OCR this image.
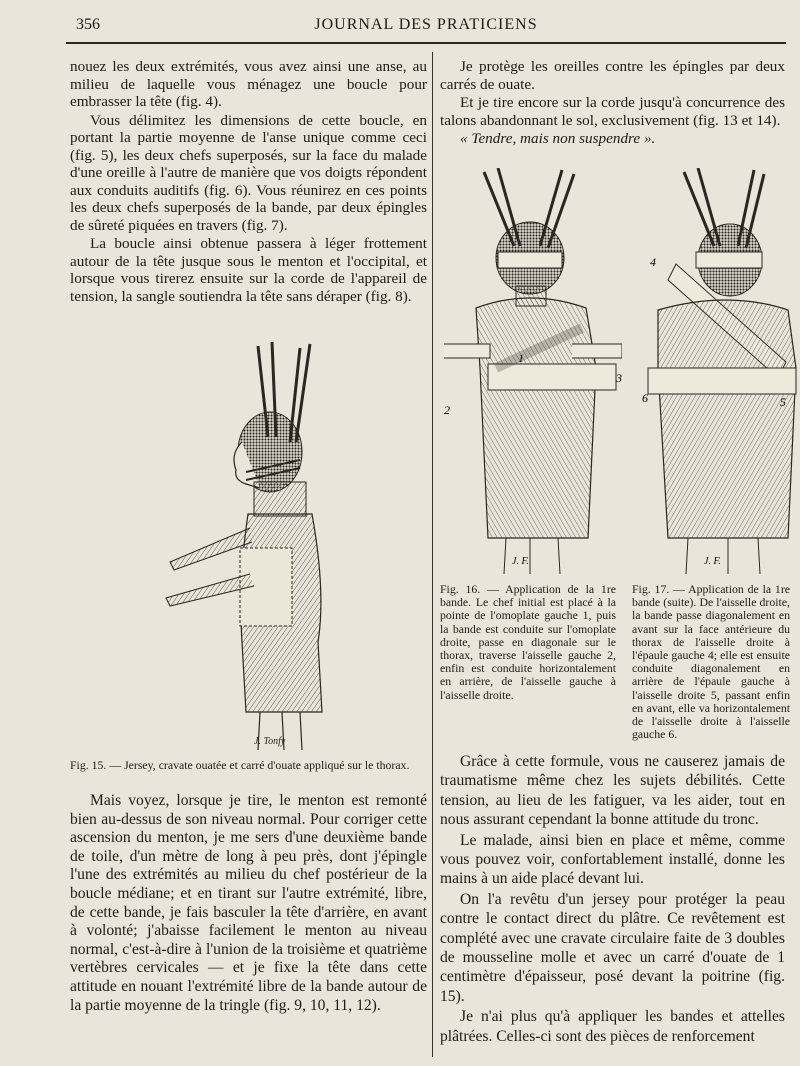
356	JOURNAL DES PRATICIENS

nouez les deux extrémités, vous avez ainsi une anse, au milieu de laquelle vous ménagez une boucle pour embrasser la tête (fig. 4).

Vous délimitez les dimensions de cette boucle, en portant la partie moyenne de l'anse unique comme ceci (fig. 5), les deux chefs superposés, sur la face du malade d'une oreille à l'autre de manière que vos doigts répondent aux conduits auditifs (fig. 6). Vous réunirez en ces points les deux chefs superposés de la bande, par deux épingles de sûreté piquées en travers (fig. 7).

La boucle ainsi obtenue passera à léger frottement autour de la tête jusque sous le menton et l'occipital, et lorsque vous tirerez ensuite sur la corde de l'appareil de tension, la sangle soutiendra la tête sans déraper (fig. 8).

J. Tonfy
Fig. 15. — Jersey, cravate ouatée et carré d'ouate appliqué sur le thorax.

Mais voyez, lorsque je tire, le menton est remonté bien au-dessus de son niveau normal. Pour corriger cette ascension du menton, je me sers d'une deuxième bande de toile, d'un mètre de long à peu près, dont j'épingle l'une des extrémités au milieu du chef postérieur de la boucle médiane; et en tirant sur l'autre extrémité, libre, de cette bande, je fais basculer la tête d'arrière, en avant à volonté; j'abaisse facilement le menton au niveau normal, c'est-à-dire à l'union de la troisième et quatrième vertèbres cervicales — et je fixe la tête dans cette attitude en nouant l'extrémité libre de la bande autour de la partie moyenne de la tringle (fig. 9, 10, 11, 12).

Je protège les oreilles contre les épingles par deux carrés de ouate.

Et je tire encore sur la corde jusqu'à concurrence des talons abandonnant le sol, exclusivement (fig. 13 et 14).

« Tendre, mais non suspendre ».

1
2
3
J. F.
Fig. 16. — Application de la 1re bande. Le chef initial est placé à la pointe de l'omoplate gauche 1, puis la bande est conduite sur l'omoplate droite, passe en diagonale sur le thorax, traverse l'aisselle gauche 2, enfin est conduite horizontalement en arrière, de l'aisselle gauche à l'aisselle droite.
4
5
6
J. F.
Fig. 17. — Application de la 1re bande (suite). De l'aisselle droite, la bande passe diagonalement en avant sur la face antérieure du thorax de l'aisselle droite à l'épaule gauche 4; elle est ensuite conduite diagonalement en arrière de l'épaule gauche à l'aisselle droite 5, passant enfin en avant, elle va horizontalement de l'aisselle droite à l'aisselle gauche 6.

Grâce à cette formule, vous ne causerez jamais de traumatisme même chez les sujets débilités. Cette tension, au lieu de les fatiguer, va les aider, tout en nous assurant cependant la bonne attitude du tronc.

Le malade, ainsi bien en place et même, comme vous pouvez voir, confortablement installé, donne les mains à un aide placé devant lui.

On l'a revêtu d'un jersey pour protéger la peau contre le contact direct du plâtre. Ce revêtement est complété avec une cravate circulaire faite de 3 doubles de mousseline molle et avec un carré d'ouate de 1 centimètre d'épaisseur, posé devant la poitrine (fig. 15).

Je n'ai plus qu'à appliquer les bandes et attelles plâtrées. Celles-ci sont des pièces de renforcement
